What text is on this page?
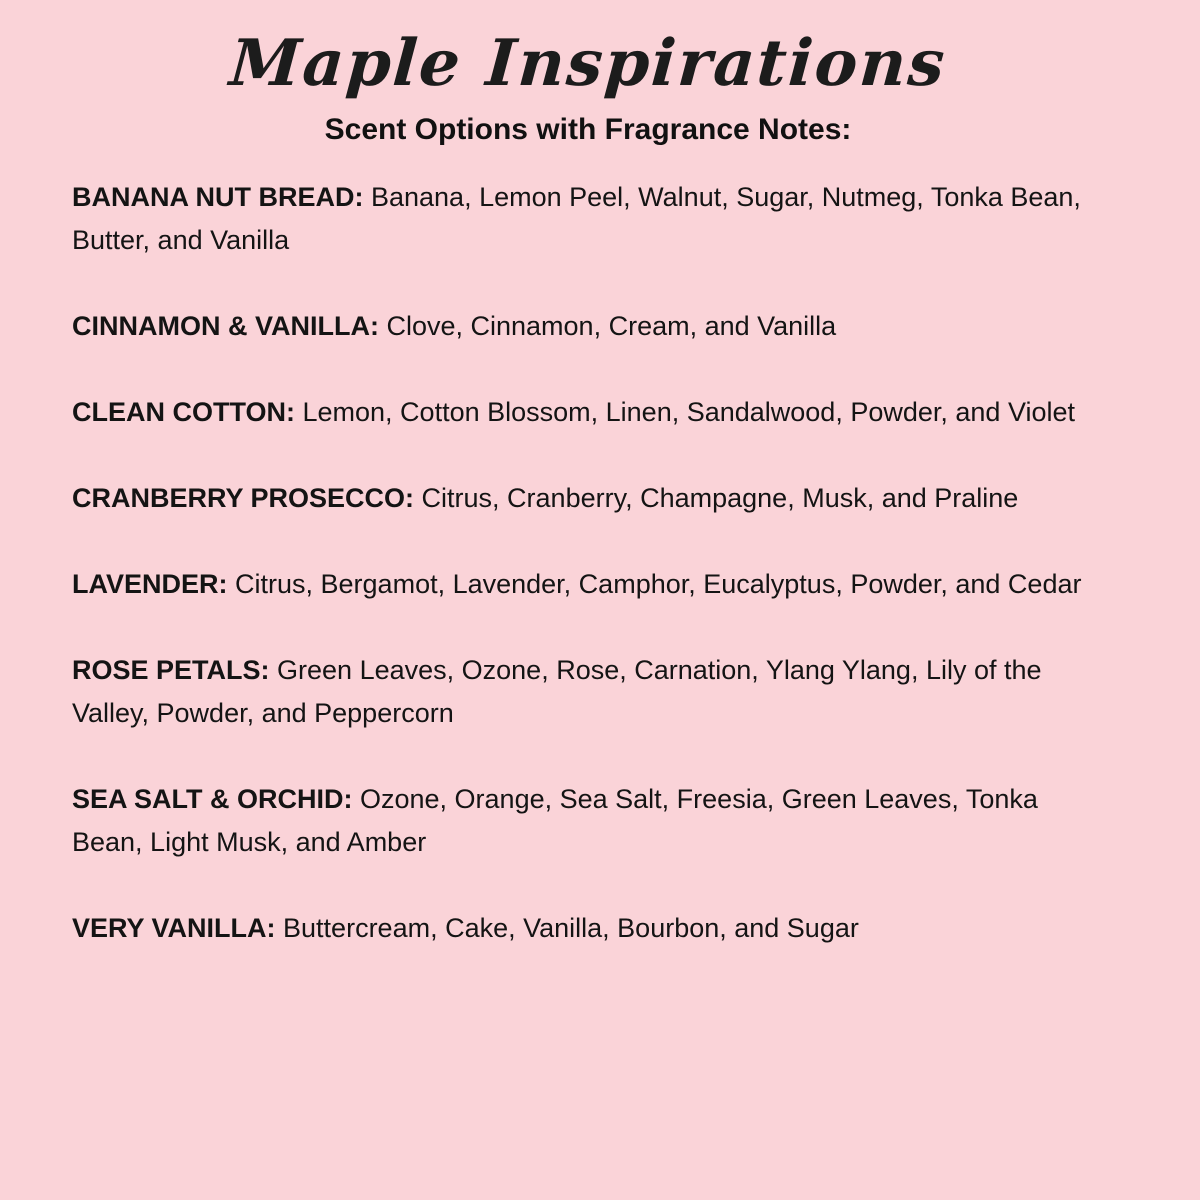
Maple Inspirations
Scent Options with Fragrance Notes:

BANANA NUT BREAD: Banana, Lemon Peel, Walnut, Sugar, Nutmeg, Tonka Bean, Butter, and Vanilla

CINNAMON & VANILLA: Clove, Cinnamon, Cream, and Vanilla

CLEAN COTTON: Lemon, Cotton Blossom, Linen, Sandalwood, Powder, and Violet

CRANBERRY PROSECCO: Citrus, Cranberry, Champagne, Musk, and Praline

LAVENDER: Citrus, Bergamot, Lavender, Camphor, Eucalyptus, Powder, and Cedar

ROSE PETALS: Green Leaves, Ozone, Rose, Carnation, Ylang Ylang, Lily of the Valley, Powder, and Peppercorn

SEA SALT & ORCHID: Ozone, Orange, Sea Salt, Freesia, Green Leaves, Tonka Bean, Light Musk, and Amber

VERY VANILLA: Buttercream, Cake, Vanilla, Bourbon, and Sugar
